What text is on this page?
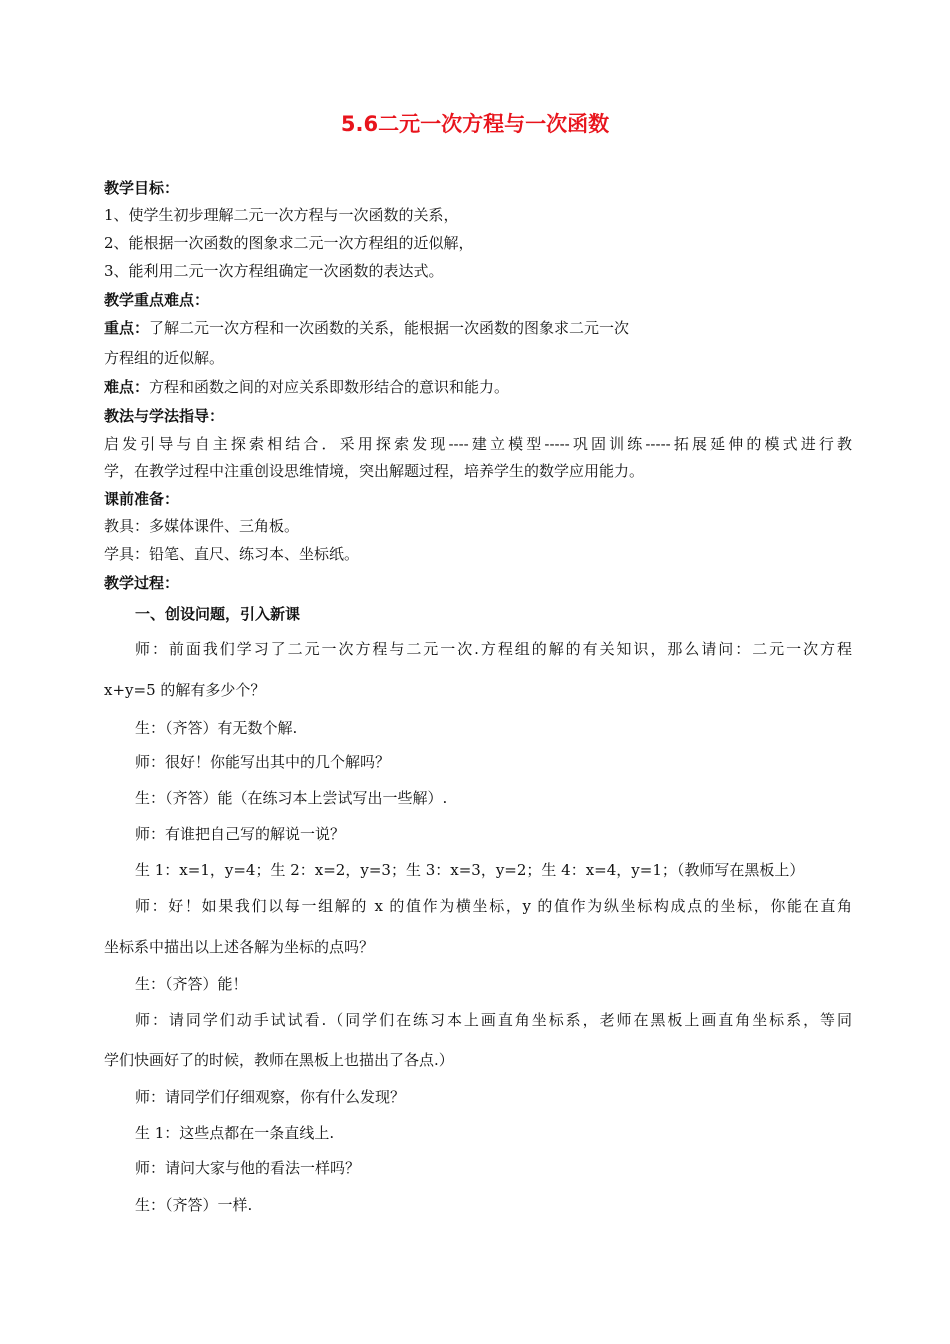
5.6二元一次方程与一次函数
教学目标：
1、使学生初步理解二元一次方程与一次函数的关系，
2、能根据一次函数的图象求二元一次方程组的近似解，
3、能利用二元一次方程组确定一次函数的表达式。
教学重点难点：
重点：了解二元一次方程和一次函数的关系，能根据一次函数的图象求二元一次
方程组的近似解。
难点：方程和函数之间的对应关系即数形结合的意识和能力。
教法与学法指导：
启发引导与自主探索相结合．采用探索发现----建立模型-----巩固训练-----拓展延伸的模式进行教
学，在教学过程中注重创设思维情境，突出解题过程，培养学生的数学应用能力。
课前准备：
教具：多媒体课件、三角板。
学具：铅笔、直尺、练习本、坐标纸。
教学过程：
一、创设问题，引入新课
师：前面我们学习了二元一次方程与二元一次.方程组的解的有关知识，那么请问：二元一次方程
x+y=5 的解有多少个？
生：（齐答）有无数个解.
师：很好！你能写出其中的几个解吗？
生：（齐答）能（在练习本上尝试写出一些解）.
师：有谁把自己写的解说一说？
生 1：x=1，y=4；生 2：x=2，y=3；生 3：x=3，y=2；生 4：x=4，y=1；（教师写在黑板上）
师：好！如果我们以每一组解的 x 的值作为横坐标，y 的值作为纵坐标构成点的坐标，你能在直角
坐标系中描出以上述各解为坐标的点吗？
生：（齐答）能！
师：请同学们动手试试看.（同学们在练习本上画直角坐标系，老师在黑板上画直角坐标系，等同
学们快画好了的时候，教师在黑板上也描出了各点.）
师：请同学们仔细观察，你有什么发现？
生 1：这些点都在一条直线上.
师：请问大家与他的看法一样吗？
生：（齐答）一样.
